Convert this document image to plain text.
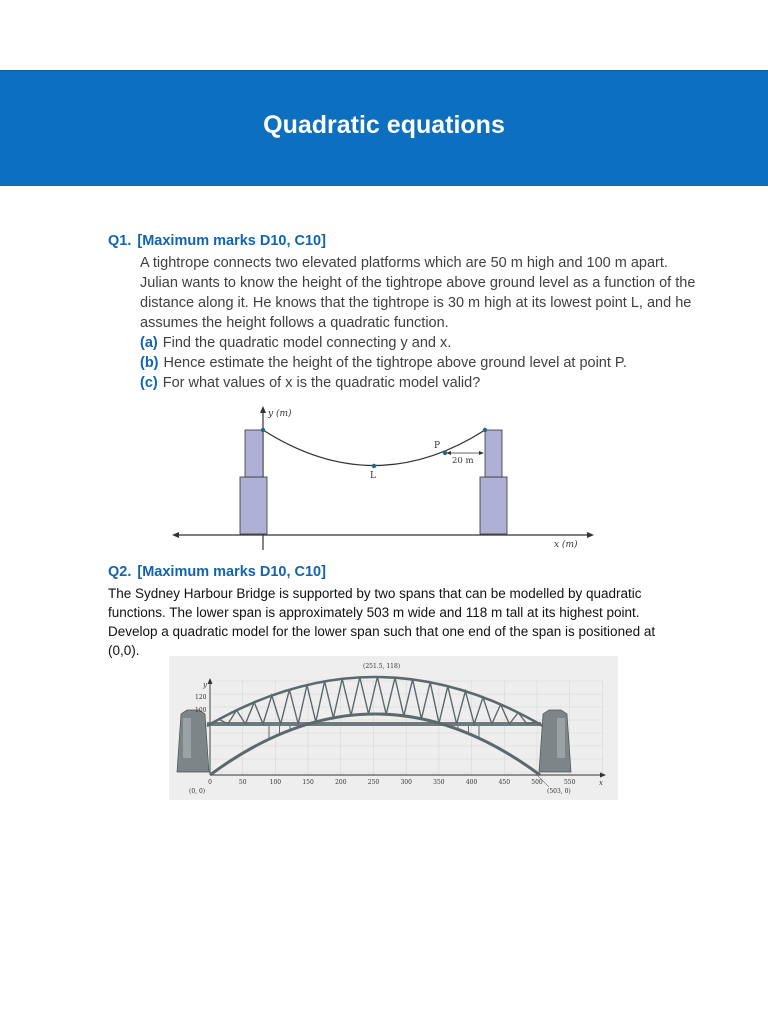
Quadratic equations
Q1. [Maximum marks D10, C10]

A tightrope connects two elevated platforms which are 50 m high and 100 m apart. Julian wants to know the height of the tightrope above ground level as a function of the distance along it. He knows that the tightrope is 30 m high at its lowest point L, and he assumes the height follows a quadratic function.

(a) Find the quadratic model connecting y and x.

(b) Hence estimate the height of the tightrope above ground level at point P.

(c) For what values of x is the quadratic model valid?

y (m)
x (m)
L
P
20 m
Q2. [Maximum marks D10, C10]

The Sydney Harbour Bridge is supported by two spans that can be modelled by quadratic functions. The lower span is approximately 503 m wide and 118 m tall at its highest point. Develop a quadratic model for the lower span such that one end of the span is positioned at (0,0).

0	50	100	150	200	250	300	350	400	450	500	550
120
100
y
x
(251.5, 118)
(0, 0)	(503, 0)
